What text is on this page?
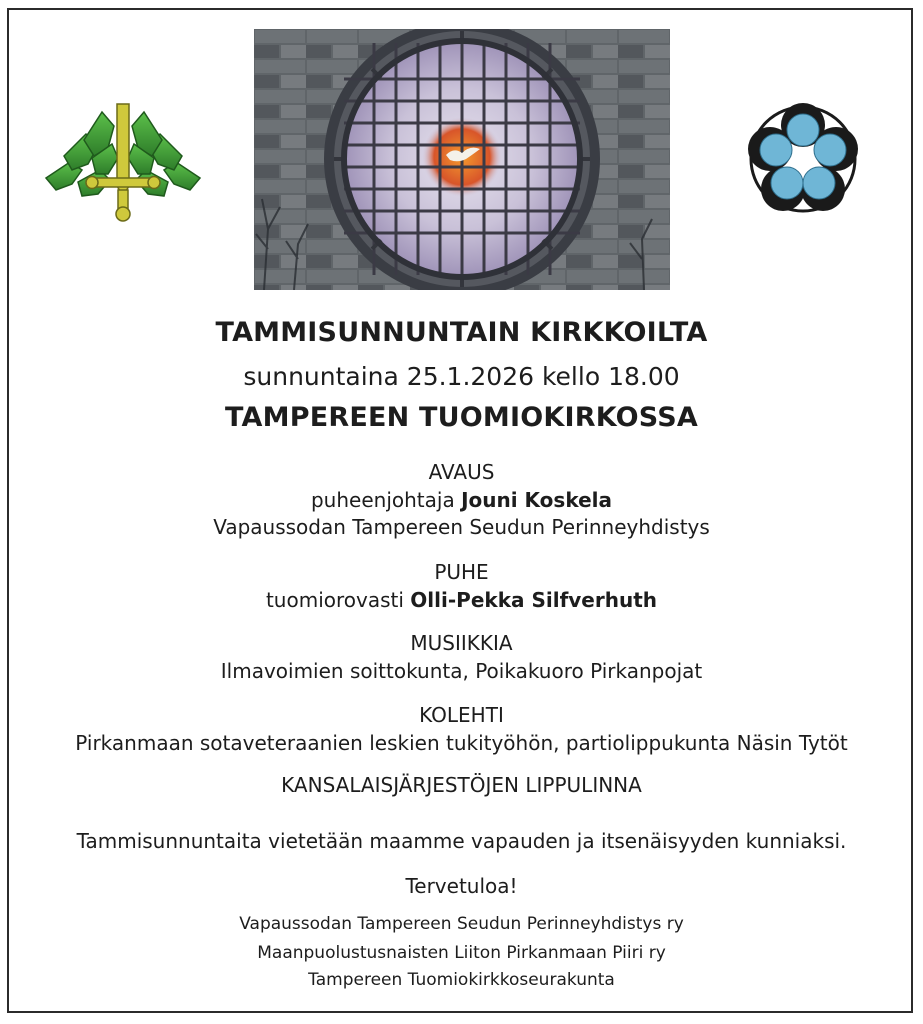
TAMMISUNNUNTAIN KIRKKOILTA
sunnuntaina 25.1.2026 kello 18.00
TAMPEREEN TUOMIOKIRKOSSA
AVAUS
puheenjohtaja Jouni Koskela
Vapaussodan Tampereen Seudun Perinneyhdistys
PUHE
tuomiorovasti Olli-Pekka Silfverhuth
MUSIIKKIA
Ilmavoimien soittokunta, Poikakuoro Pirkanpojat
KOLEHTI
Pirkanmaan sotaveteraanien leskien tukityöhön, partiolippukunta Näsin Tytöt
KANSALAISJÄRJESTÖJEN LIPPULINNA
Tammisunnuntaita vietetään maamme vapauden ja itsenäisyyden kunniaksi.
Tervetuloa!
Vapaussodan Tampereen Seudun Perinneyhdistys ry
Maanpuolustusnaisten Liiton Pirkanmaan Piiri ry
Tampereen Tuomiokirkkoseurakunta
